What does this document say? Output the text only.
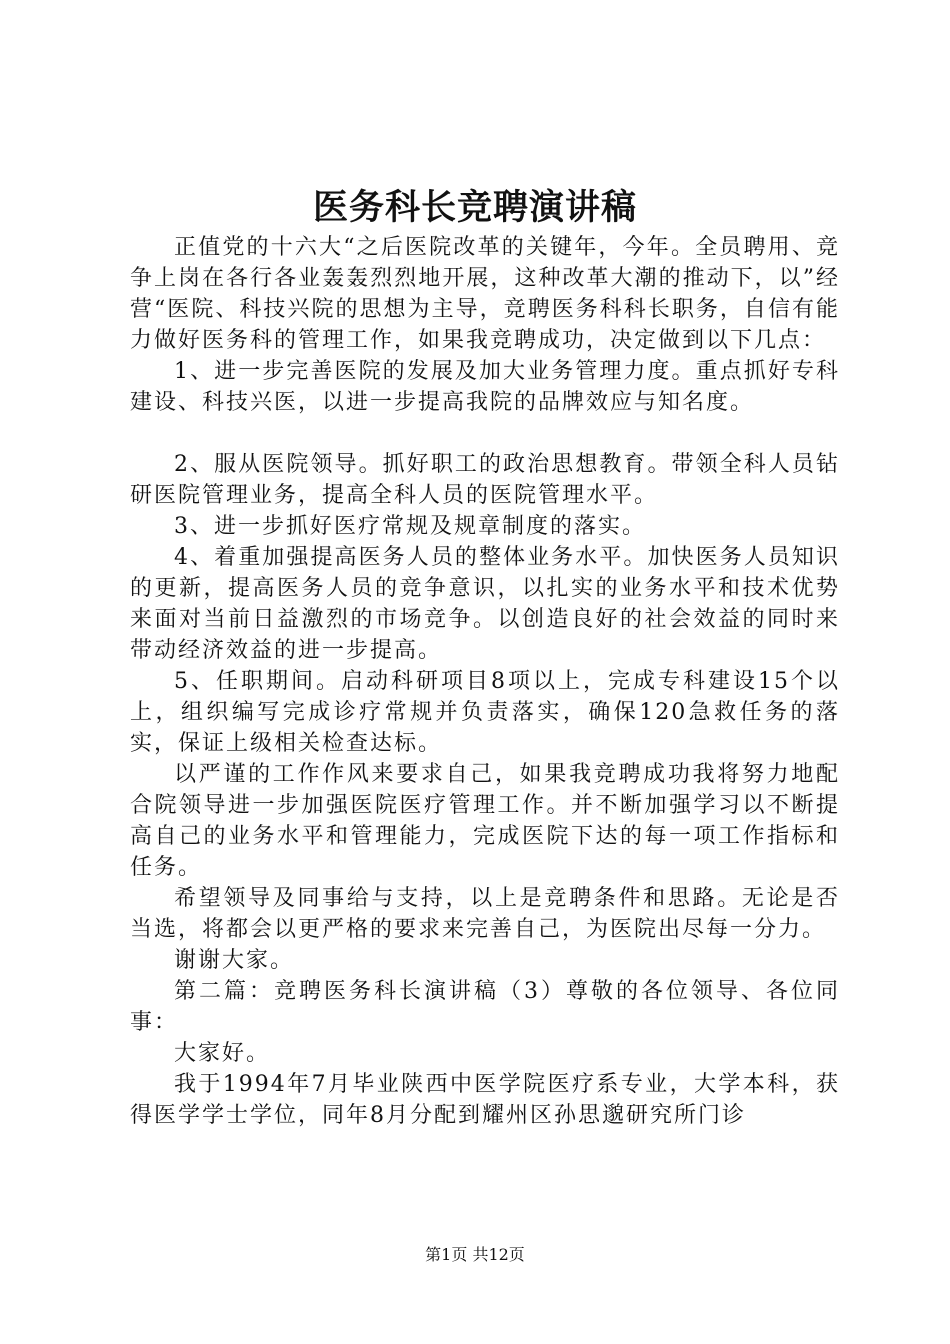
医务科长竞聘演讲稿

正值党的十六大“之后医院改革的关键年，今年。全员聘用、竞争上岗在各行各业轰轰烈烈地开展，这种改革大潮的推动下，以”经营“医院、科技兴院的思想为主导，竞聘医务科科长职务，自信有能力做好医务科的管理工作，如果我竞聘成功，决定做到以下几点：

1、进一步完善医院的发展及加大业务管理力度。重点抓好专科建设、科技兴医，以进一步提高我院的品牌效应与知名度。

2、服从医院领导。抓好职工的政治思想教育。带领全科人员钻研医院管理业务，提高全科人员的医院管理水平。

3、进一步抓好医疗常规及规章制度的落实。

4、着重加强提高医务人员的整体业务水平。加快医务人员知识的更新，提高医务人员的竞争意识，以扎实的业务水平和技术优势来面对当前日益激烈的市场竞争。以创造良好的社会效益的同时来带动经济效益的进一步提高。

5、任职期间。启动科研项目8项以上，完成专科建设15个以上，组织编写完成诊疗常规并负责落实，确保120急救任务的落实，保证上级相关检查达标。

以严谨的工作作风来要求自己，如果我竞聘成功我将努力地配合院领导进一步加强医院医疗管理工作。并不断加强学习以不断提高自己的业务水平和管理能力，完成医院下达的每一项工作指标和任务。

希望领导及同事给与支持，以上是竞聘条件和思路。无论是否当选，将都会以更严格的要求来完善自己，为医院出尽每一分力。

谢谢大家。

第二篇：竞聘医务科长演讲稿（3）尊敬的各位领导、各位同事：

大家好。

我于1994年7月毕业陕西中医学院医疗系专业，大学本科，获得医学学士学位，同年8月分配到耀州区孙思邈研究所门诊

第1页 共12页
